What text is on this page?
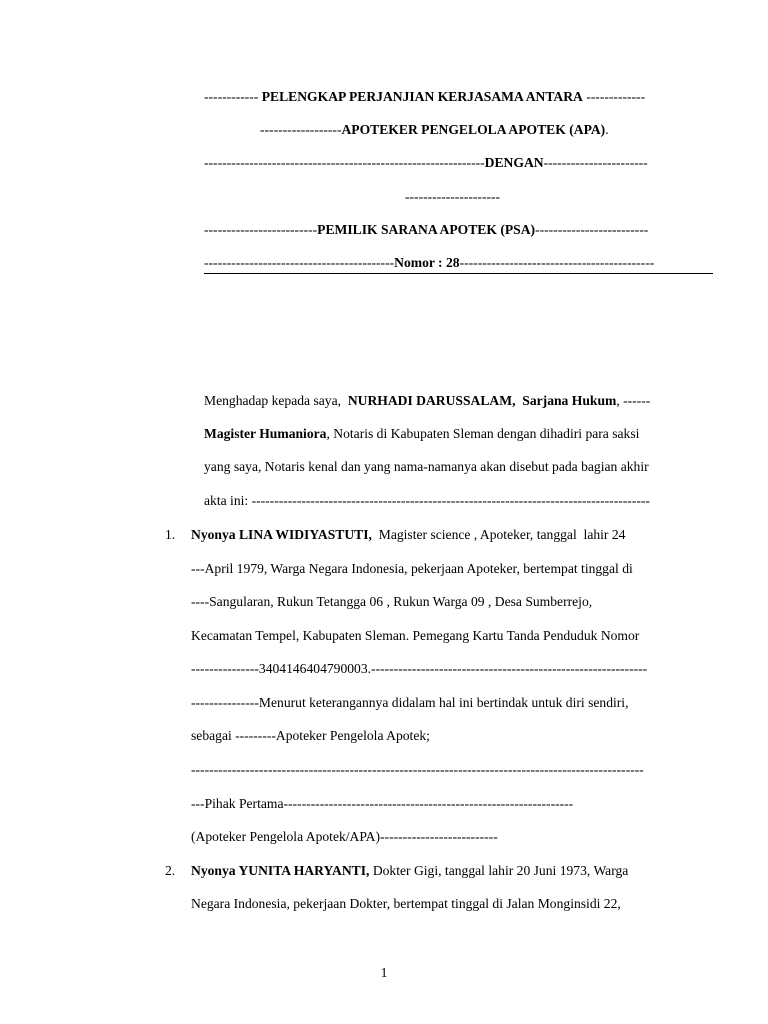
------------ PELENGKAP PERJANJIAN KERJASAMA ANTARA -------------
------------------APOTEKER PENGELOLA APOTEK (APA).
--------------------------------------------------------------DENGAN-----------------------
---------------------
-------------------------PEMILIK SARANA APOTEK (PSA)-------------------------
------------------------------------------Nomor : 28-------------------------------------------
Menghadap kepada saya,  NURHADI DARUSSALAM,  Sarjana Hukum, ------
Magister Humaniora, Notaris di Kabupaten Sleman dengan dihadiri para saksi
yang saya, Notaris kenal dan yang nama-namanya akan disebut pada bagian akhir
akta ini: ----------------------------------------------------------------------------------------
1. Nyonya LINA WIDIYASTUTI,  Magister science , Apoteker, tanggal  lahir 24
---April 1979, Warga Negara Indonesia, pekerjaan Apoteker, bertempat tinggal di
----Sangularan, Rukun Tetangga 06 , Rukun Warga 09 , Desa Sumberrejo,
Kecamatan Tempel, Kabupaten Sleman. Pemegang Kartu Tanda Penduduk Nomor
---------------3404146404790003.-------------------------------------------------------------
---------------Menurut keterangannya didalam hal ini bertindak untuk diri sendiri,
sebagai ---------Apoteker Pengelola Apotek;
----------------------------------------------------------------------------------------------------
---Pihak Pertama----------------------------------------------------------------
(Apoteker Pengelola Apotek/APA)--------------------------
2. Nyonya YUNITA HARYANTI, Dokter Gigi, tanggal lahir 20 Juni 1973, Warga
Negara Indonesia, pekerjaan Dokter, bertempat tinggal di Jalan Monginsidi 22,
1
